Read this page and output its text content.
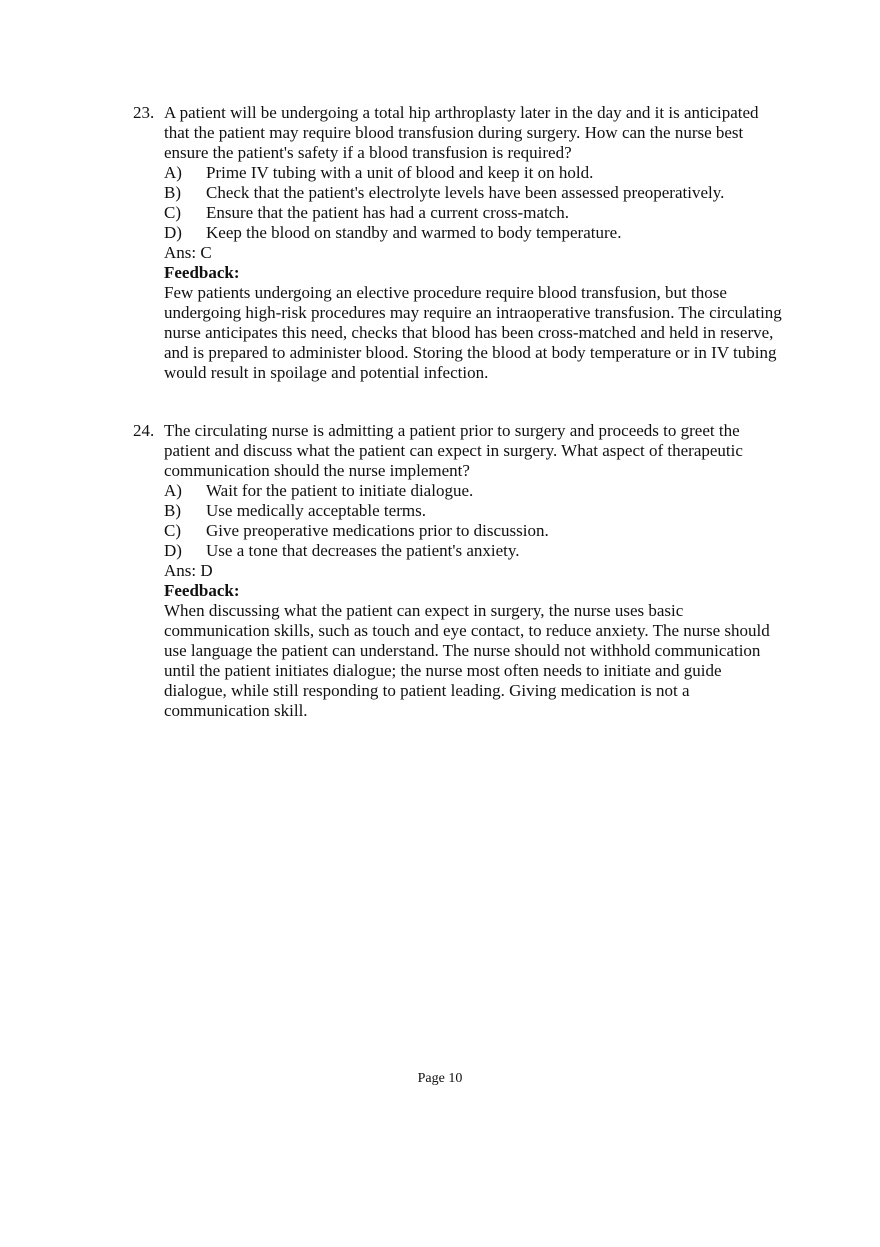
23. A patient will be undergoing a total hip arthroplasty later in the day and it is anticipated that the patient may require blood transfusion during surgery. How can the nurse best ensure the patient's safety if a blood transfusion is required?
A) Prime IV tubing with a unit of blood and keep it on hold.
B) Check that the patient's electrolyte levels have been assessed preoperatively.
C) Ensure that the patient has had a current cross-match.
D) Keep the blood on standby and warmed to body temperature.
Ans: C
Feedback:
Few patients undergoing an elective procedure require blood transfusion, but those undergoing high-risk procedures may require an intraoperative transfusion. The circulating nurse anticipates this need, checks that blood has been cross-matched and held in reserve, and is prepared to administer blood. Storing the blood at body temperature or in IV tubing would result in spoilage and potential infection.
24. The circulating nurse is admitting a patient prior to surgery and proceeds to greet the patient and discuss what the patient can expect in surgery. What aspect of therapeutic communication should the nurse implement?
A) Wait for the patient to initiate dialogue.
B) Use medically acceptable terms.
C) Give preoperative medications prior to discussion.
D) Use a tone that decreases the patient's anxiety.
Ans: D
Feedback:
When discussing what the patient can expect in surgery, the nurse uses basic communication skills, such as touch and eye contact, to reduce anxiety. The nurse should use language the patient can understand. The nurse should not withhold communication until the patient initiates dialogue; the nurse most often needs to initiate and guide dialogue, while still responding to patient leading. Giving medication is not a communication skill.
Page 10
